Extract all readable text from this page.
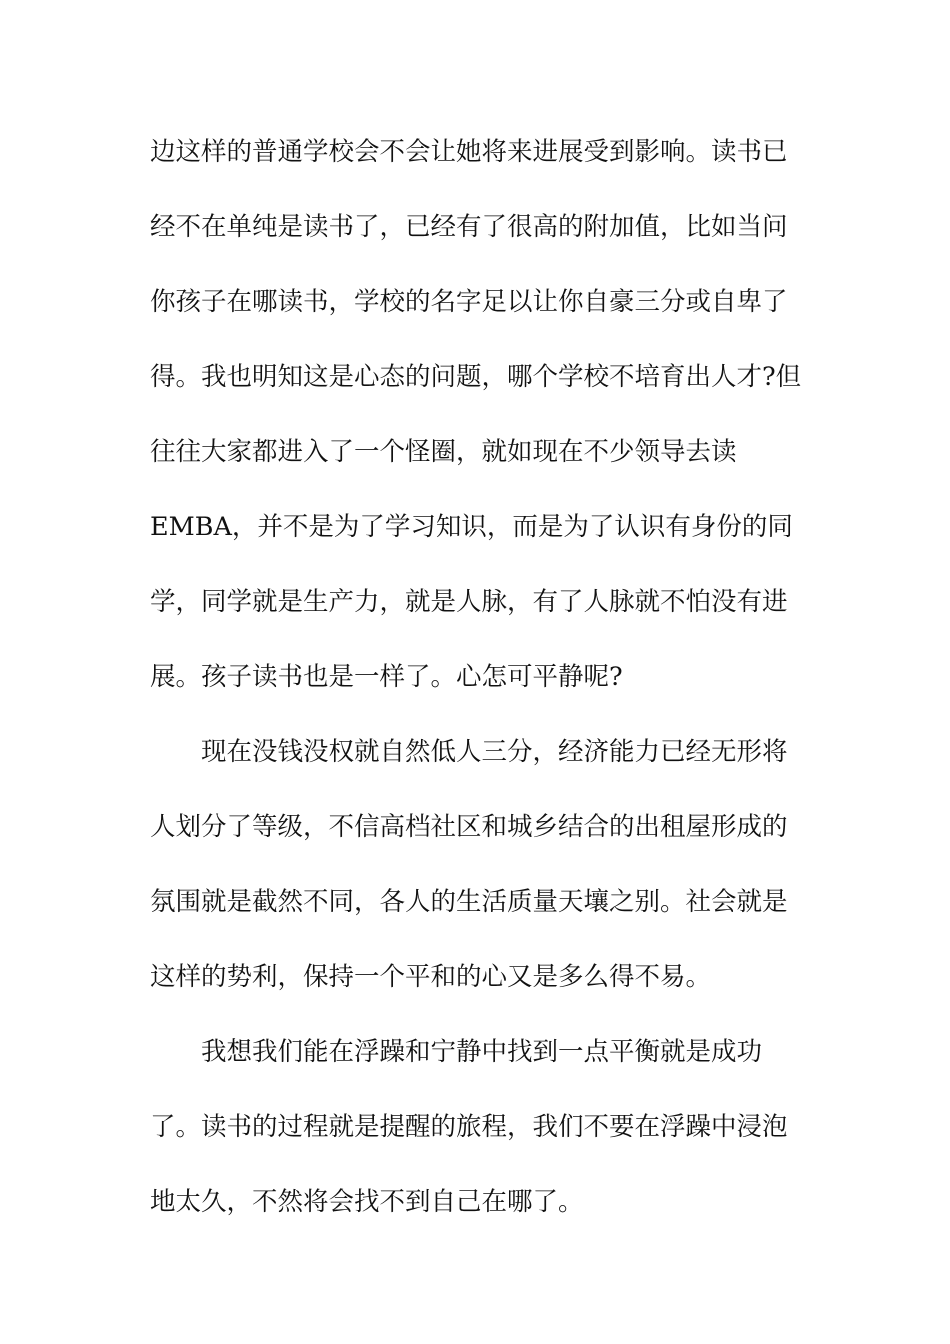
边这样的普通学校会不会让她将来进展受到影响。读书已
经不在单纯是读书了，已经有了很高的附加值，比如当问
你孩子在哪读书，学校的名字足以让你自豪三分或自卑了
得。我也明知这是心态的问题，哪个学校不培育出人才?但
往往大家都进入了一个怪圈，就如现在不少领导去读
EMBA，并不是为了学习知识，而是为了认识有身份的同
学，同学就是生产力，就是人脉，有了人脉就不怕没有进
展。孩子读书也是一样了。心怎可平静呢?
现在没钱没权就自然低人三分，经济能力已经无形将
人划分了等级，不信高档社区和城乡结合的出租屋形成的
氛围就是截然不同，各人的生活质量天壤之别。社会就是
这样的势利，保持一个平和的心又是多么得不易。
我想我们能在浮躁和宁静中找到一点平衡就是成功
了。读书的过程就是提醒的旅程，我们不要在浮躁中浸泡
地太久，不然将会找不到自己在哪了。
